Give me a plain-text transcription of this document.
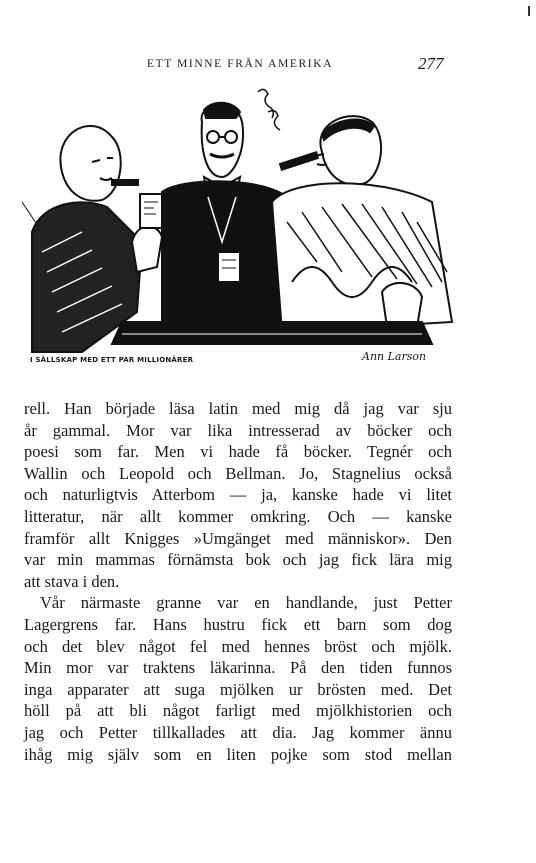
ETT MINNE FRÅN AMERIKA	277
I SÄLLSKAP MED ETT PAR MILLIONÄRER	Ann Larson
rell. Han började läsa latin med mig då jag var sju
år gammal. Mor var lika intresserad av böcker och
poesi som far. Men vi hade få böcker. Tegnér och
Wallin och Leopold och Bellman. Jo, Stagnelius också
och naturligtvis Atterbom — ja, kanske hade vi litet
litteratur, när allt kommer omkring. Och — kanske
framför allt Knigges »Umgänget med människor». Den
var min mammas förnämsta bok och jag fick lära mig
att stava i den.
Vår närmaste granne var en handlande, just Petter
Lagergrens far. Hans hustru fick ett barn som dog
och det blev något fel med hennes bröst och mjölk.
Min mor var traktens läkarinna. På den tiden funnos
inga apparater att suga mjölken ur brösten med. Det
höll på att bli något farligt med mjölkhistorien och
jag och Petter tillkallades att dia. Jag kommer ännu
ihåg mig själv som en liten pojke som stod mellan
